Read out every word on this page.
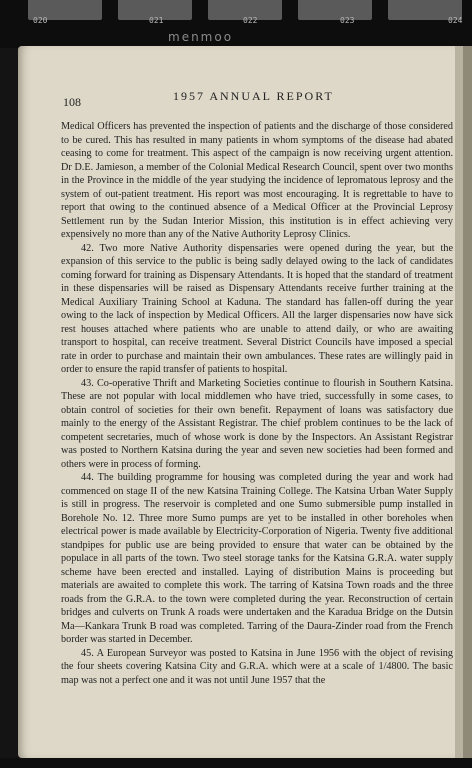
020	021	022	023	024
menmoo
108	1957 ANNUAL REPORT

Medical Officers has prevented the inspection of patients and the discharge of those considered to be cured. This has resulted in many patients in whom symptoms of the disease had abated ceasing to come for treatment. This aspect of the campaign is now receiving urgent attention. Dr D.E. Jamieson, a member of the Colonial Medical Research Council, spent over two months in the Province in the middle of the year studying the incidence of lepromatous leprosy and the system of out-patient treatment. His report was most encouraging. It is regrettable to have to report that owing to the continued absence of a Medical Officer at the Provincial Leprosy Settlement run by the Sudan Interior Mission, this institution is in effect achieving very expensively no more than any of the Native Authority Leprosy Clinics.

42. Two more Native Authority dispensaries were opened during the year, but the expansion of this service to the public is being sadly delayed owing to the lack of candidates coming forward for training as Dispensary Attendants. It is hoped that the standard of treatment in these dispensaries will be raised as Dispensary Attendants receive further training at the Medical Auxiliary Training School at Kaduna. The standard has fallen-off during the year owing to the lack of inspection by Medical Officers. All the larger dispensaries now have sick rest houses attached where patients who are unable to attend daily, or who are awaiting transport to hospital, can receive treatment. Several District Councils have imposed a special rate in order to purchase and maintain their own ambulances. These rates are willingly paid in order to ensure the rapid transfer of patients to hospital.

43. Co-operative Thrift and Marketing Societies continue to flourish in Southern Katsina. These are not popular with local middlemen who have tried, successfully in some cases, to obtain control of societies for their own benefit. Repayment of loans was satisfactory due mainly to the energy of the Assistant Registrar. The chief problem continues to be the lack of competent secretaries, much of whose work is done by the Inspectors. An Assistant Registrar was posted to Northern Katsina during the year and seven new societies had been formed and others were in process of forming.

44. The building programme for housing was completed during the year and work had commenced on stage II of the new Katsina Training College. The Katsina Urban Water Supply is still in progress. The reservoir is completed and one Sumo submersible pump installed in Borehole No. 12. Three more Sumo pumps are yet to be installed in other boreholes when electrical power is made available by Electricity-Corporation of Nigeria. Twenty five additional standpipes for public use are being provided to ensure that water can be obtained by the populace in all parts of the town. Two steel storage tanks for the Katsina G.R.A. water supply scheme have been erected and installed. Laying of distribution Mains is proceeding but materials are awaited to complete this work. The tarring of Katsina Town roads and the three roads from the G.R.A. to the town were completed during the year. Reconstruction of certain bridges and culverts on Trunk A roads were undertaken and the Karadua Bridge on the Dutsin Ma—Kankara Trunk B road was completed. Tarring of the Daura-Zinder road from the French border was started in December.

45. A European Surveyor was posted to Katsina in June 1956 with the object of revising the four sheets covering Katsina City and G.R.A. which were at a scale of 1/4800. The basic map was not a perfect one and it was not until June 1957 that the
